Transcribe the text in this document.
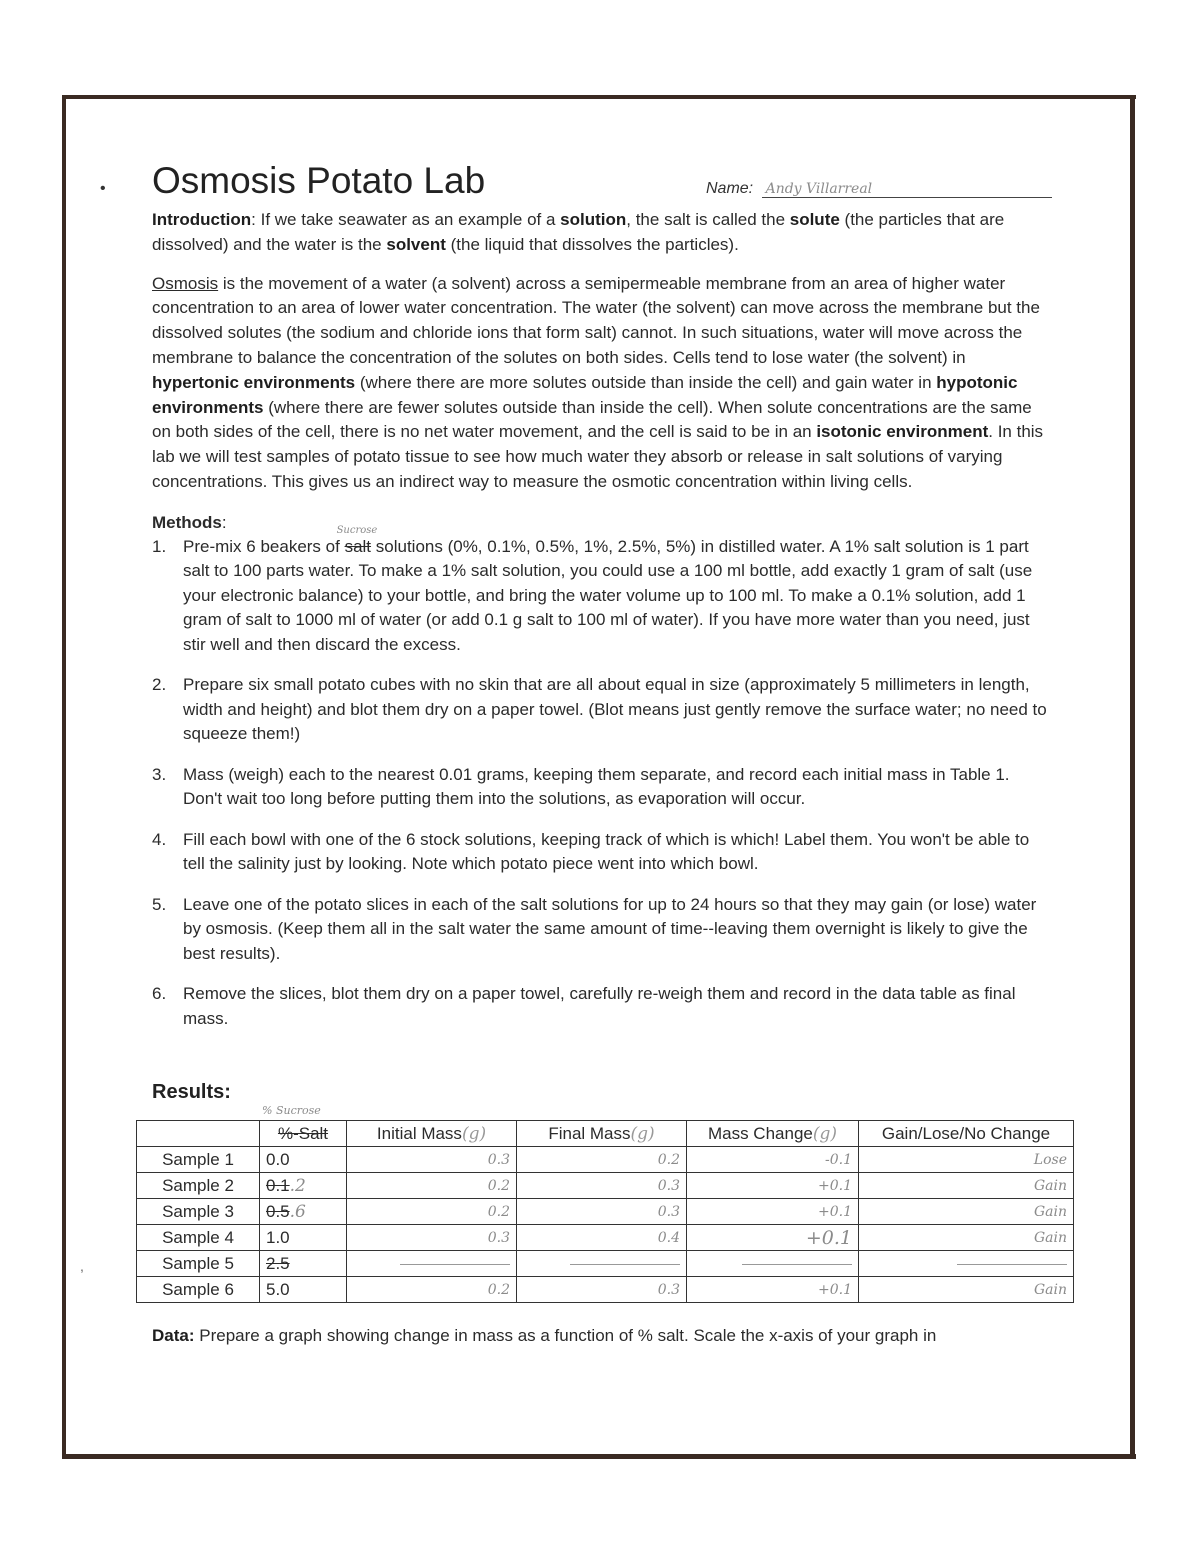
•
,
Osmosis Potato Lab	Name: Andy Villarreal

Introduction: If we take seawater as an example of a solution, the salt is called the solute (the particles that are dissolved) and the water is the solvent (the liquid that dissolves the particles).

Osmosis is the movement of a water (a solvent) across a semipermeable membrane from an area of higher water concentration to an area of lower water concentration. The water (the solvent) can move across the membrane but the dissolved solutes (the sodium and chloride ions that form salt) cannot. In such situations, water will move across the membrane to balance the concentration of the solutes on both sides. Cells tend to lose water (the solvent) in hypertonic environments (where there are more solutes outside than inside the cell) and gain water in hypotonic environments (where there are fewer solutes outside than inside the cell). When solute concentrations are the same on both sides of the cell, there is no net water movement, and the cell is said to be in an isotonic environment. In this lab we will test samples of potato tissue to see how much water they absorb or release in salt solutions of varying concentrations. This gives us an indirect way to measure the osmotic concentration within living cells.

Methods:
1. Pre-mix 6 beakers of
Sucrose
salt solutions (0%, 0.1%, 0.5%, 1%, 2.5%, 5%) in distilled water. A 1% salt solution is 1 part salt to 100 parts water. To make a 1% salt solution, you could use a 100 ml bottle, add exactly 1 gram of salt (use your electronic balance) to your bottle, and bring the water volume up to 100 ml. To make a 0.1% solution, add 1 gram of salt to 1000 ml of water (or add 0.1 g salt to 100 ml of water). If you have more water than you need, just stir well and then discard the excess.
2. Prepare six small potato cubes with no skin that are all about equal in size (approximately 5 millimeters in length, width and height) and blot them dry on a paper towel. (Blot means just gently remove the surface water; no need to squeeze them!)
3. Mass (weigh) each to the nearest 0.01 grams, keeping them separate, and record each initial mass in Table 1. Don't wait too long before putting them into the solutions, as evaporation will occur.
4. Fill each bowl with one of the 6 stock solutions, keeping track of which is which! Label them. You won't be able to tell the salinity just by looking. Note which potato piece went into which bowl.
5. Leave one of the potato slices in each of the salt solutions for up to 24 hours so that they may gain (or lose) water by osmosis. (Keep them all in the salt water the same amount of time--leaving them overnight is likely to give the best results).
6. Remove the slices, blot them dry on a paper towel, carefully re-weigh them and record in the data table as final mass.
Results:
% Sucrose
	%-Salt	Initial Mass(g)	Final Mass(g)	Mass Change(g)	Gain/Lose/No Change
Sample 1	0.0	0.3	0.2	-0.1	Lose
Sample 2	0.1.2	0.2	0.3	+0.1	Gain
Sample 3	0.5.6	0.2	0.3	+0.1	Gain
Sample 4	1.0	0.3	0.4	+0.1	Gain
Sample 5	2.5				
Sample 6	5.0	0.2	0.3	+0.1	Gain

Data: Prepare a graph showing change in mass as a function of % salt. Scale the x-axis of your graph in
